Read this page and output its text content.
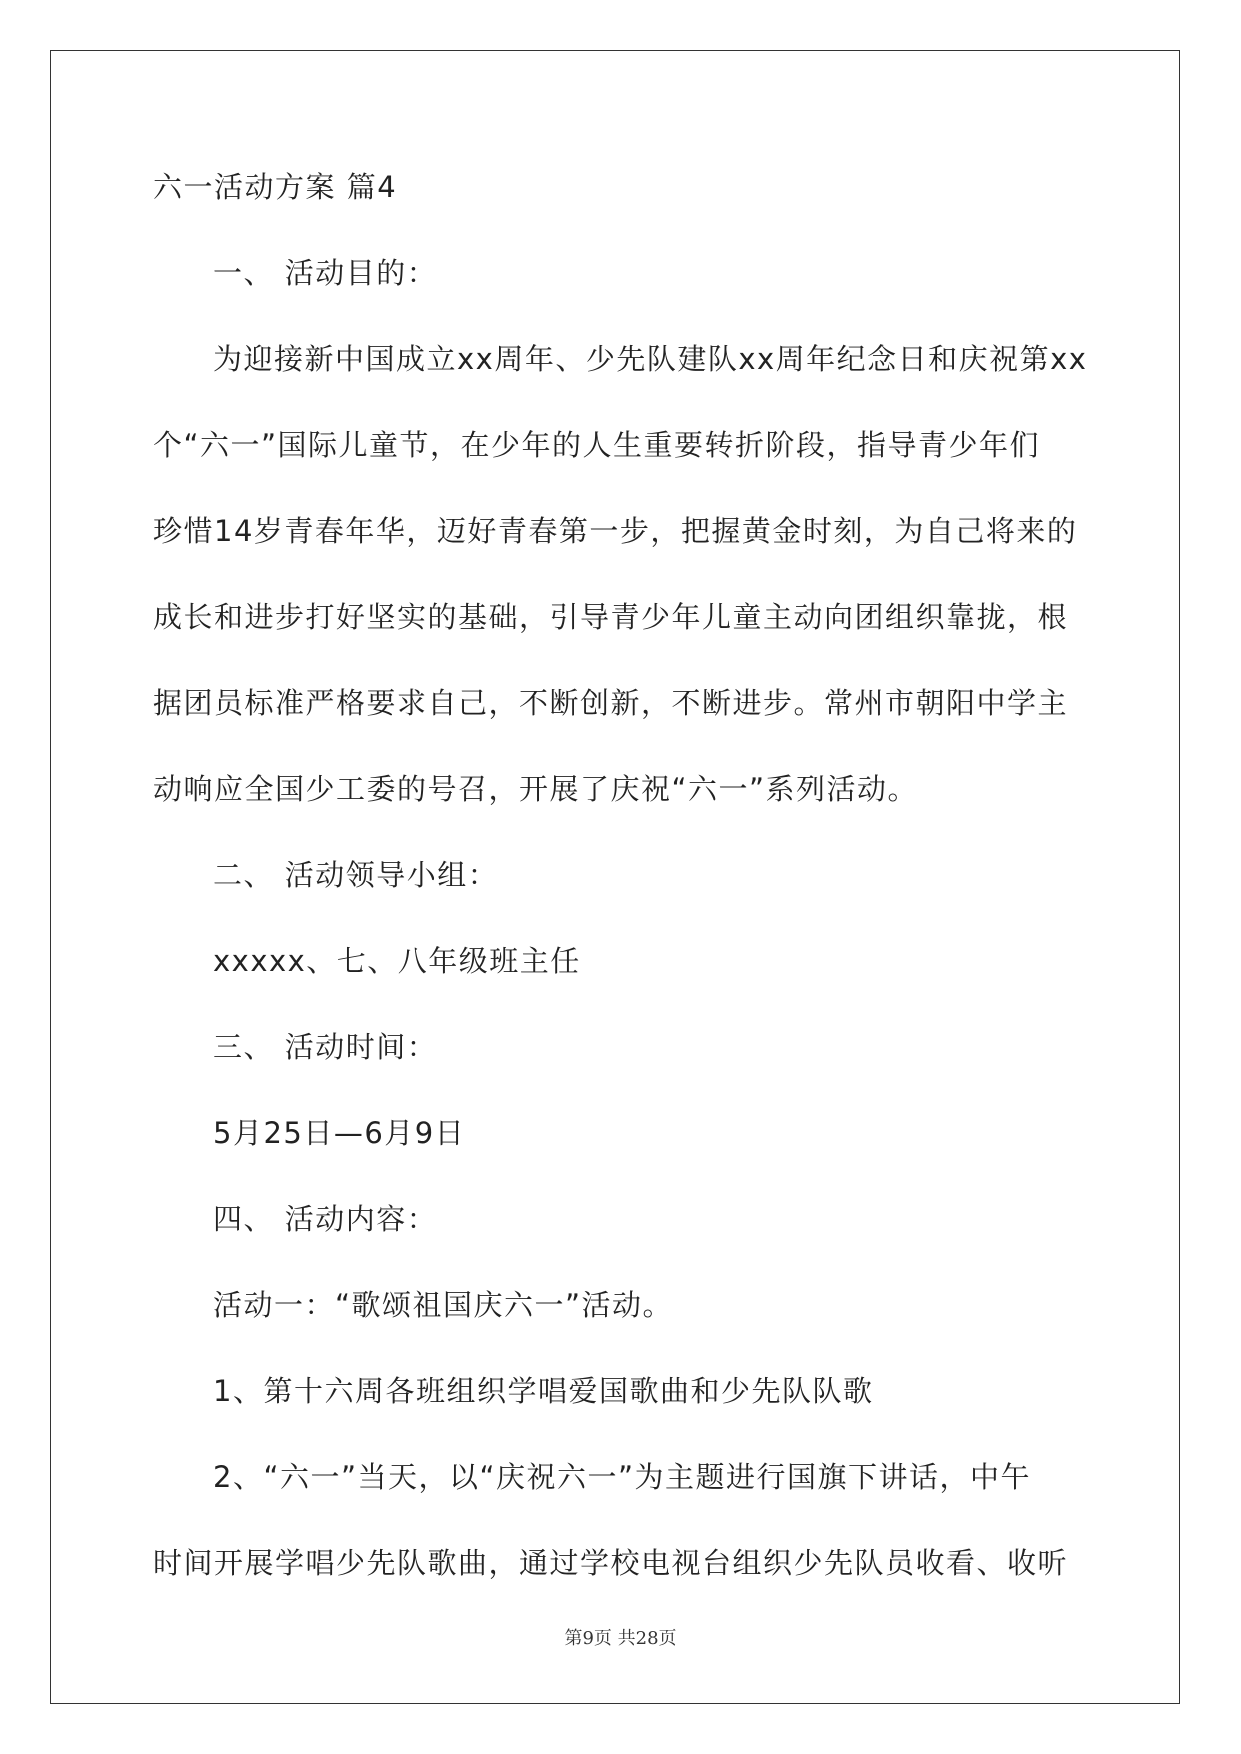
六一活动方案 篇4
一、 活动目的：
为迎接新中国成立xx周年、少先队建队xx周年纪念日和庆祝第xx
个“六一”国际儿童节，在少年的人生重要转折阶段，指导青少年们
珍惜14岁青春年华，迈好青春第一步，把握黄金时刻，为自己将来的
成长和进步打好坚实的基础，引导青少年儿童主动向团组织靠拢，根
据团员标准严格要求自己，不断创新，不断进步。常州市朝阳中学主
动响应全国少工委的号召，开展了庆祝“六一”系列活动。
二、 活动领导小组：
xxxxx、七、八年级班主任
三、 活动时间：
5月25日—6月9日
四、 活动内容：
活动一：“歌颂祖国庆六一”活动。
1、第十六周各班组织学唱爱国歌曲和少先队队歌
2、“六一”当天，以“庆祝六一”为主题进行国旗下讲话，中午
时间开展学唱少先队歌曲，通过学校电视台组织少先队员收看、收听
第9页 共28页
